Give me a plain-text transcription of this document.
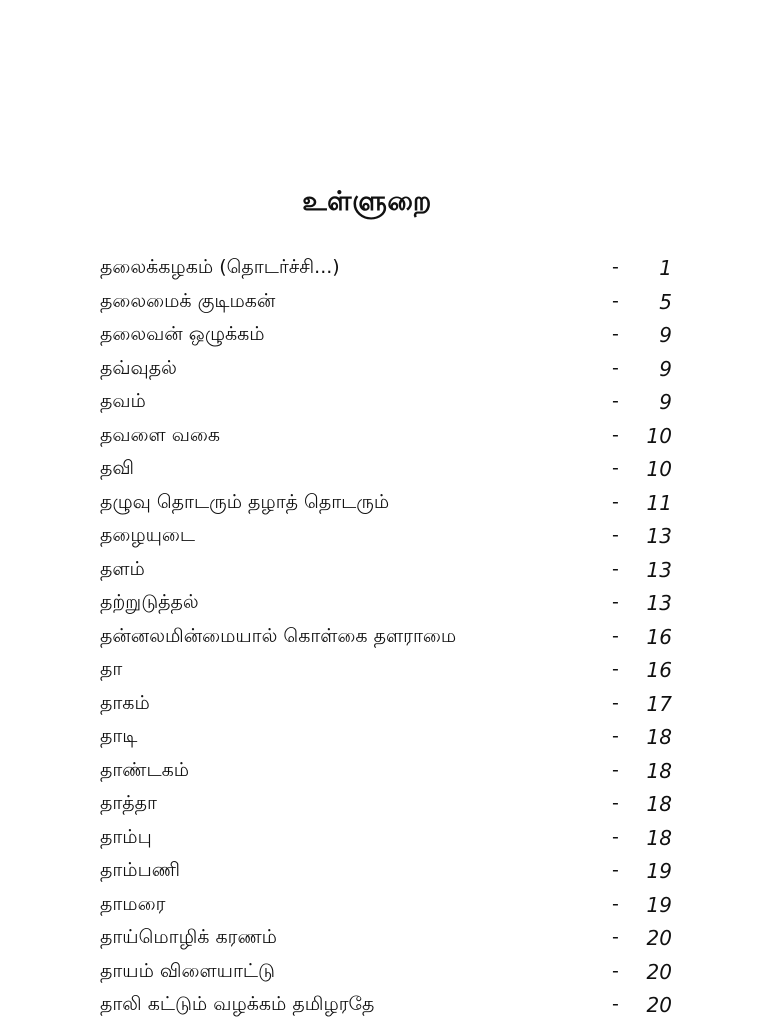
உள்ளுறை
தலைக்கழகம் (தொடர்ச்சி...)	-	1
தலைமைக் குடிமகன்	-	5
தலைவன் ஒழுக்கம்	-	9
தவ்வுதல்	-	9
தவம்	-	9
தவளை வகை	-	10
தவி	-	10
தழுவு தொடரும் தழாத் தொடரும்	-	11
தழையுடை	-	13
தளம்	-	13
தற்றுடுத்தல்	-	13
தன்னலமின்மையால் கொள்கை தளராமை	-	16
தா	-	16
தாகம்	-	17
தாடி	-	18
தாண்டகம்	-	18
தாத்தா	-	18
தாம்பு	-	18
தாம்பணி	-	19
தாமரை	-	19
தாய்மொழிக் கரணம்	-	20
தாயம் விளையாட்டு	-	20
தாலி கட்டும் வழக்கம் தமிழரதே	-	20
